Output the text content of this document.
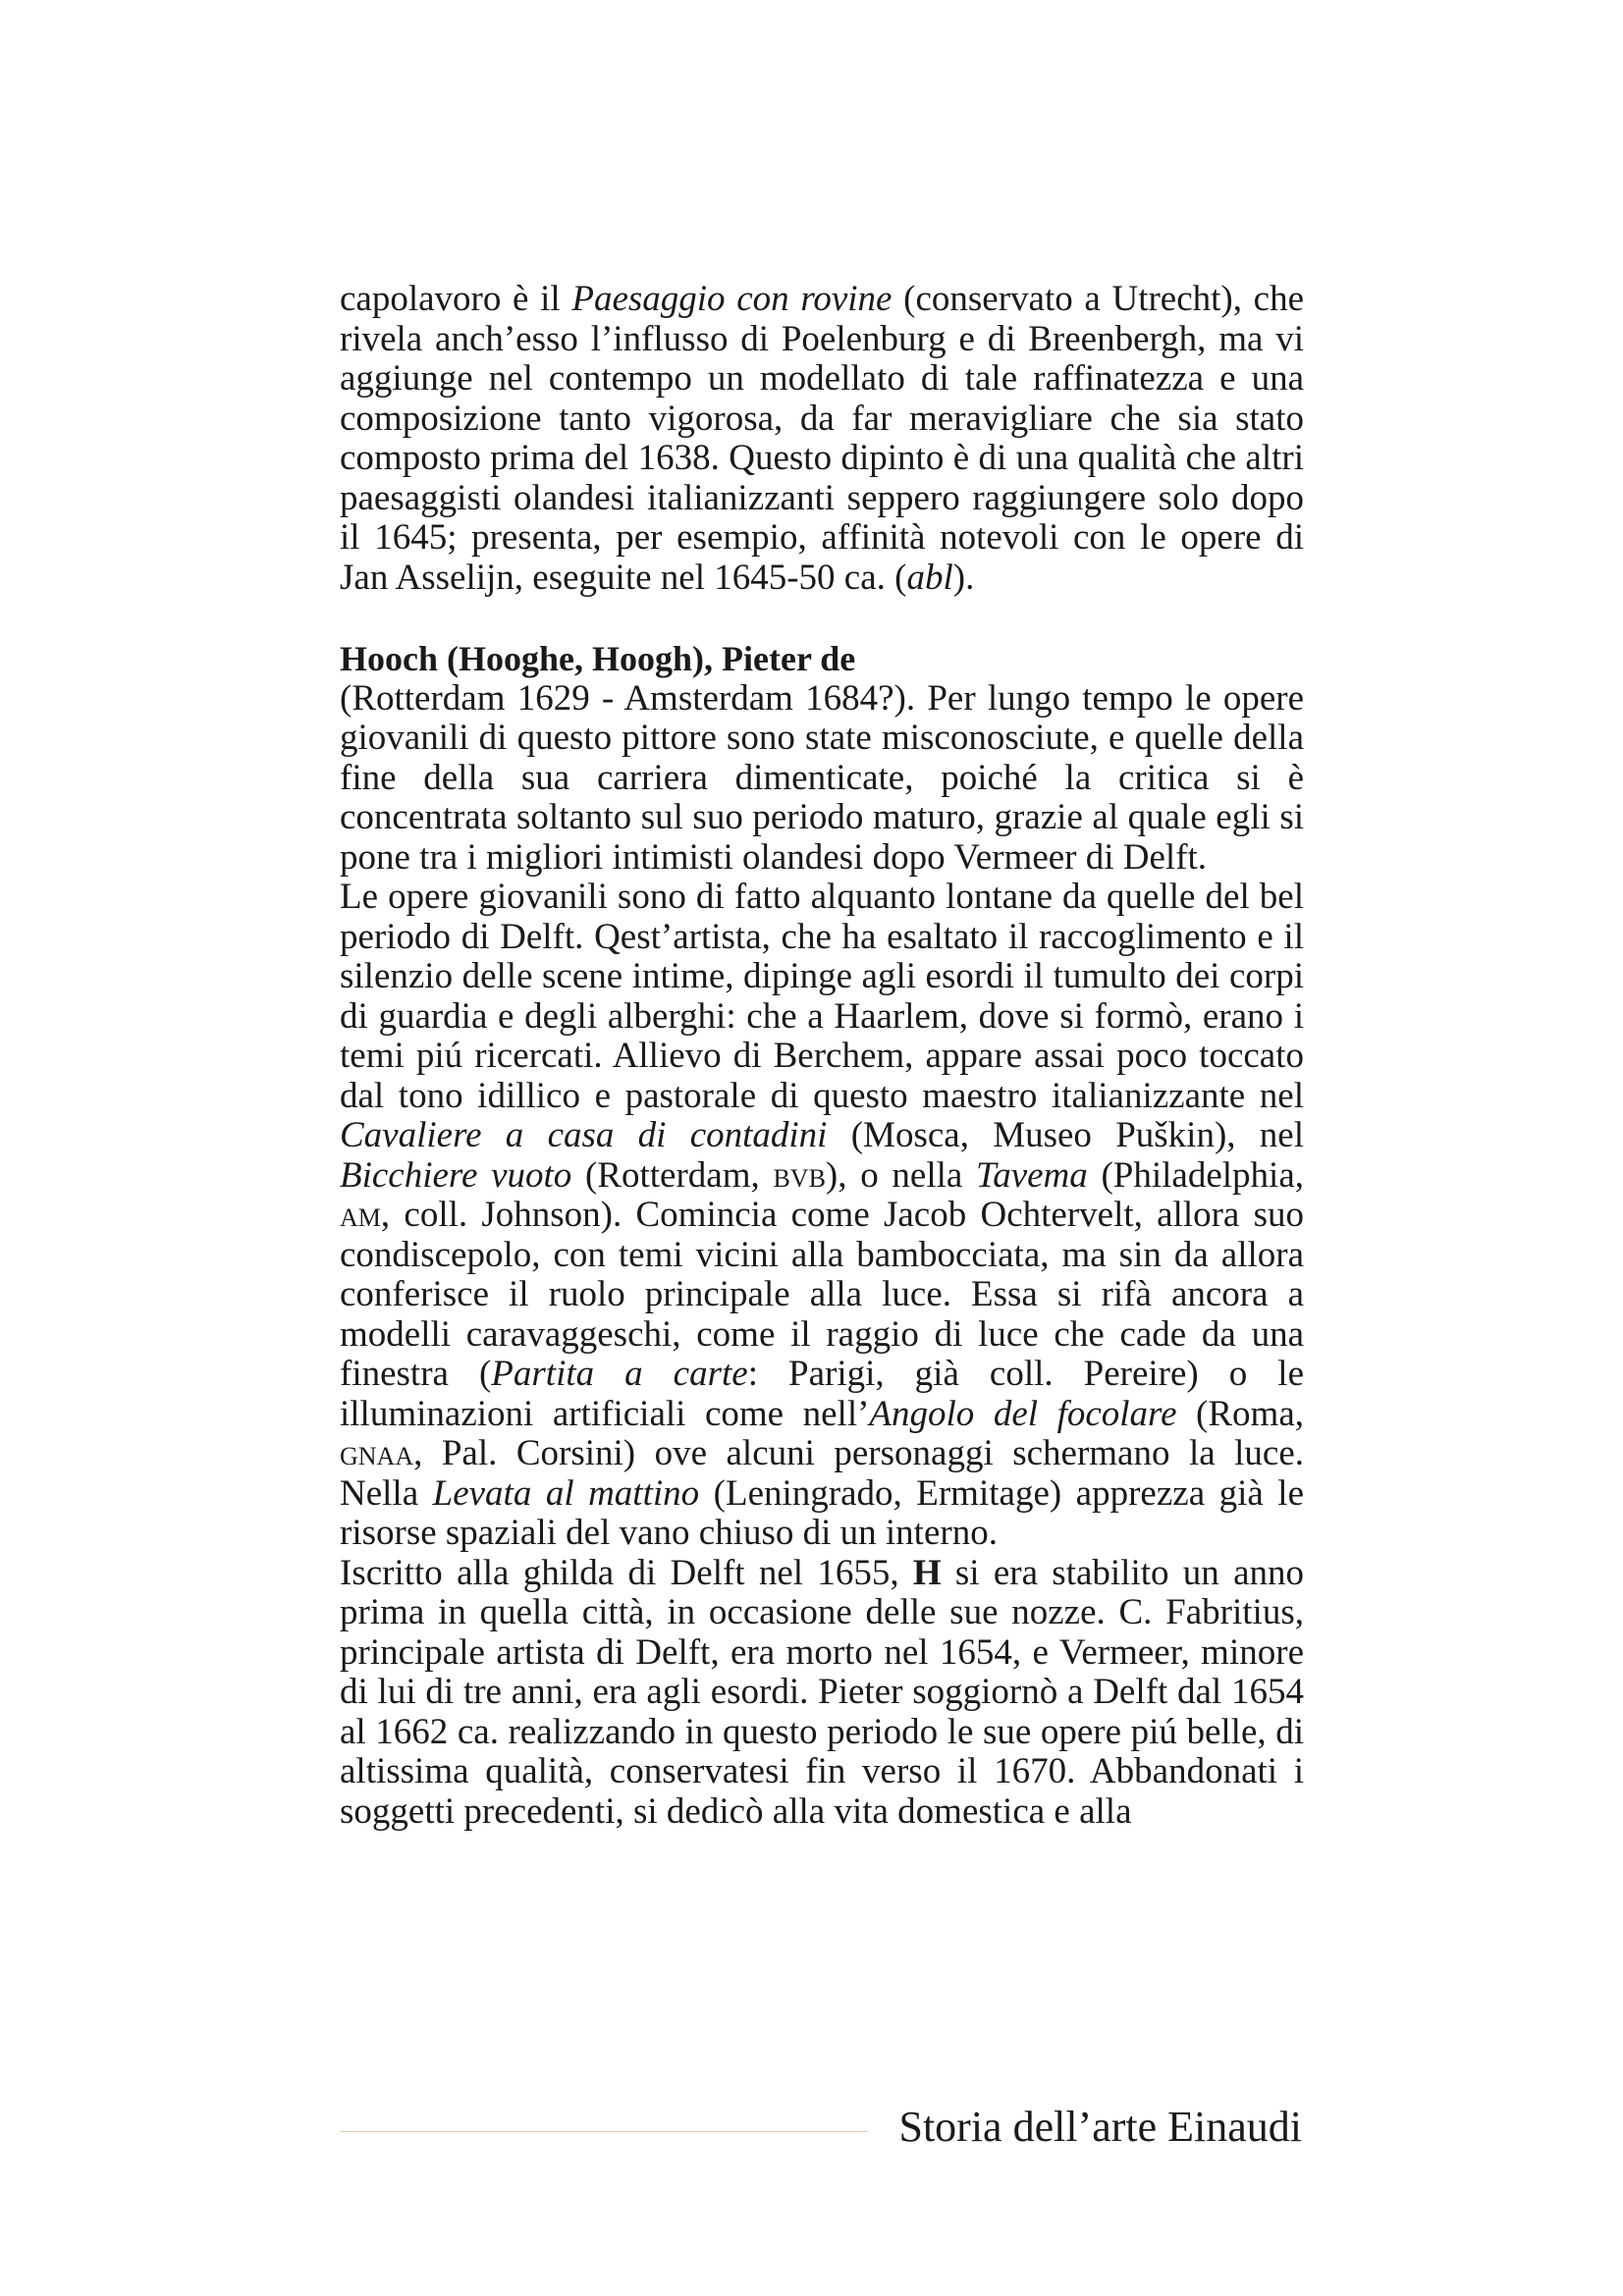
capolavoro è il Paesaggio con rovine (conservato a Utrecht), che rivela anch’esso l’influsso di Poelenburg e di Breenbergh, ma vi aggiunge nel contempo un modellato di tale raffinatezza e una composizione tanto vigorosa, da far meravigliare che sia stato composto prima del 1638. Questo dipinto è di una qualità che altri paesaggisti olandesi italianizzanti seppero raggiungere solo dopo il 1645; presenta, per esempio, affinità notevoli con le opere di Jan Asselijn, eseguite nel 1645-50 ca. (abl).

Hooch (Hooghe, Hoogh), Pieter de

(Rotterdam 1629 - Amsterdam 1684?). Per lungo tempo le opere giovanili di questo pittore sono state misconosciute, e quelle della fine della sua carriera dimenticate, poiché la critica si è concentrata soltanto sul suo periodo maturo, grazie al quale egli si pone tra i migliori intimisti olandesi dopo Vermeer di Delft.

Le opere giovanili sono di fatto alquanto lontane da quelle del bel periodo di Delft. Qest’artista, che ha esaltato il raccoglimento e il silenzio delle scene intime, dipinge agli esordi il tumulto dei corpi di guardia e degli alberghi: che a Haarlem, dove si formò, erano i temi piú ricercati. Allievo di Berchem, appare assai poco toccato dal tono idillico e pastorale di questo maestro italianizzante nel Cavaliere a casa di contadini (Mosca, Museo Puškin), nel Bicchiere vuoto (Rotterdam, bvb), o nella Tavema (Philadelphia, am, coll. Johnson). Comincia come Jacob Ochtervelt, allora suo condiscepolo, con temi vicini alla bambocciata, ma sin da allora conferisce il ruolo principale alla luce. Essa si rifà ancora a modelli caravaggeschi, come il raggio di luce che cade da una finestra (Partita a carte: Parigi, già coll. Pereire) o le illuminazioni artificiali come nell’Angolo del focolare (Roma, gnaa, Pal. Corsini) ove alcuni personaggi schermano la luce. Nella Levata al mattino (Leningrado, Ermitage) apprezza già le risorse spaziali del vano chiuso di un interno.

Iscritto alla ghilda di Delft nel 1655, H si era stabilito un anno prima in quella città, in occasione delle sue nozze. C. Fabritius, principale artista di Delft, era morto nel 1654, e Vermeer, minore di lui di tre anni, era agli esordi. Pieter soggiornò a Delft dal 1654 al 1662 ca. realizzando in questo periodo le sue opere piú belle, di altissima qualità, conservatesi fin verso il 1670. Abbandonati i soggetti precedenti, si dedicò alla vita domestica e alla

Storia dell’arte Einaudi
